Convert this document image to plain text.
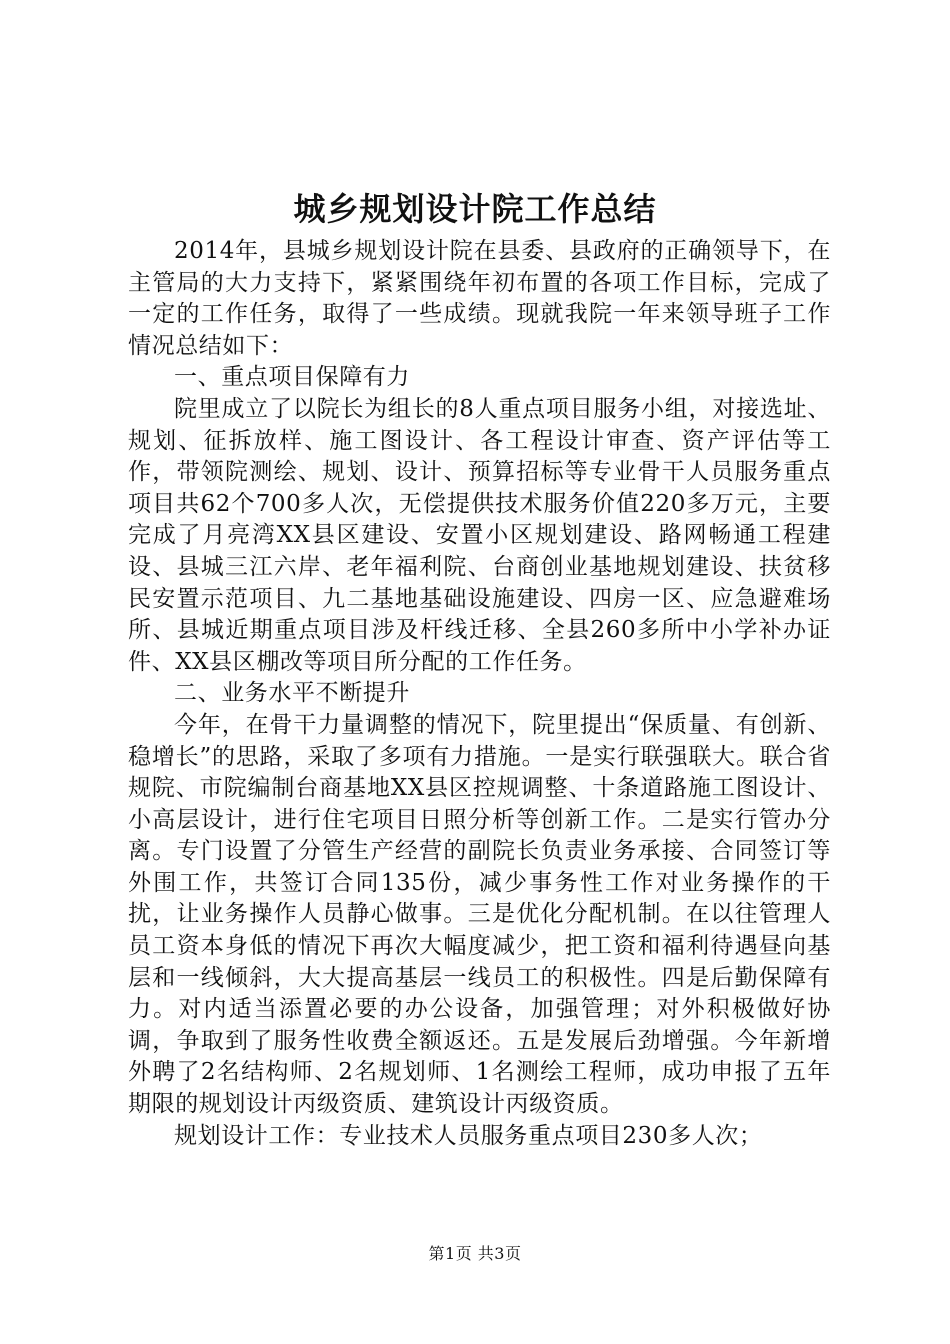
城乡规划设计院工作总结

2014年，县城乡规划设计院在县委、县政府的正确领导下，在主管局的大力支持下，紧紧围绕年初布置的各项工作目标，完成了一定的工作任务，取得了一些成绩。现就我院一年来领导班子工作情况总结如下：

一、重点项目保障有力

院里成立了以院长为组长的8人重点项目服务小组，对接选址、规划、征拆放样、施工图设计、各工程设计审查、资产评估等工作，带领院测绘、规划、设计、预算招标等专业骨干人员服务重点项目共62个700多人次，无偿提供技术服务价值220多万元，主要完成了月亮湾XX县区建设、安置小区规划建设、路网畅通工程建设、县城三江六岸、老年福利院、台商创业基地规划建设、扶贫移民安置示范项目、九二基地基础设施建设、四房一区、应急避难场所、县城近期重点项目涉及杆线迁移、全县260多所中小学补办证件、XX县区棚改等项目所分配的工作任务。

二、业务水平不断提升

今年，在骨干力量调整的情况下，院里提出“保质量、有创新、稳增长”的思路，采取了多项有力措施。一是实行联强联大。联合省规院、市院编制台商基地XX县区控规调整、十条道路施工图设计、小高层设计，进行住宅项目日照分析等创新工作。二是实行管办分离。专门设置了分管生产经营的副院长负责业务承接、合同签订等外围工作，共签订合同135份，减少事务性工作对业务操作的干扰，让业务操作人员静心做事。三是优化分配机制。在以往管理人员工资本身低的情况下再次大幅度减少，把工资和福利待遇昼向基层和一线倾斜，大大提高基层一线员工的积极性。四是后勤保障有力。对内适当添置必要的办公设备，加强管理；对外积极做好协调，争取到了服务性收费全额返还。五是发展后劲增强。今年新增外聘了2名结构师、2名规划师、1名测绘工程师，成功申报了五年期限的规划设计丙级资质、建筑设计丙级资质。

规划设计工作：专业技术人员服务重点项目230多人次；

第1页 共3页
